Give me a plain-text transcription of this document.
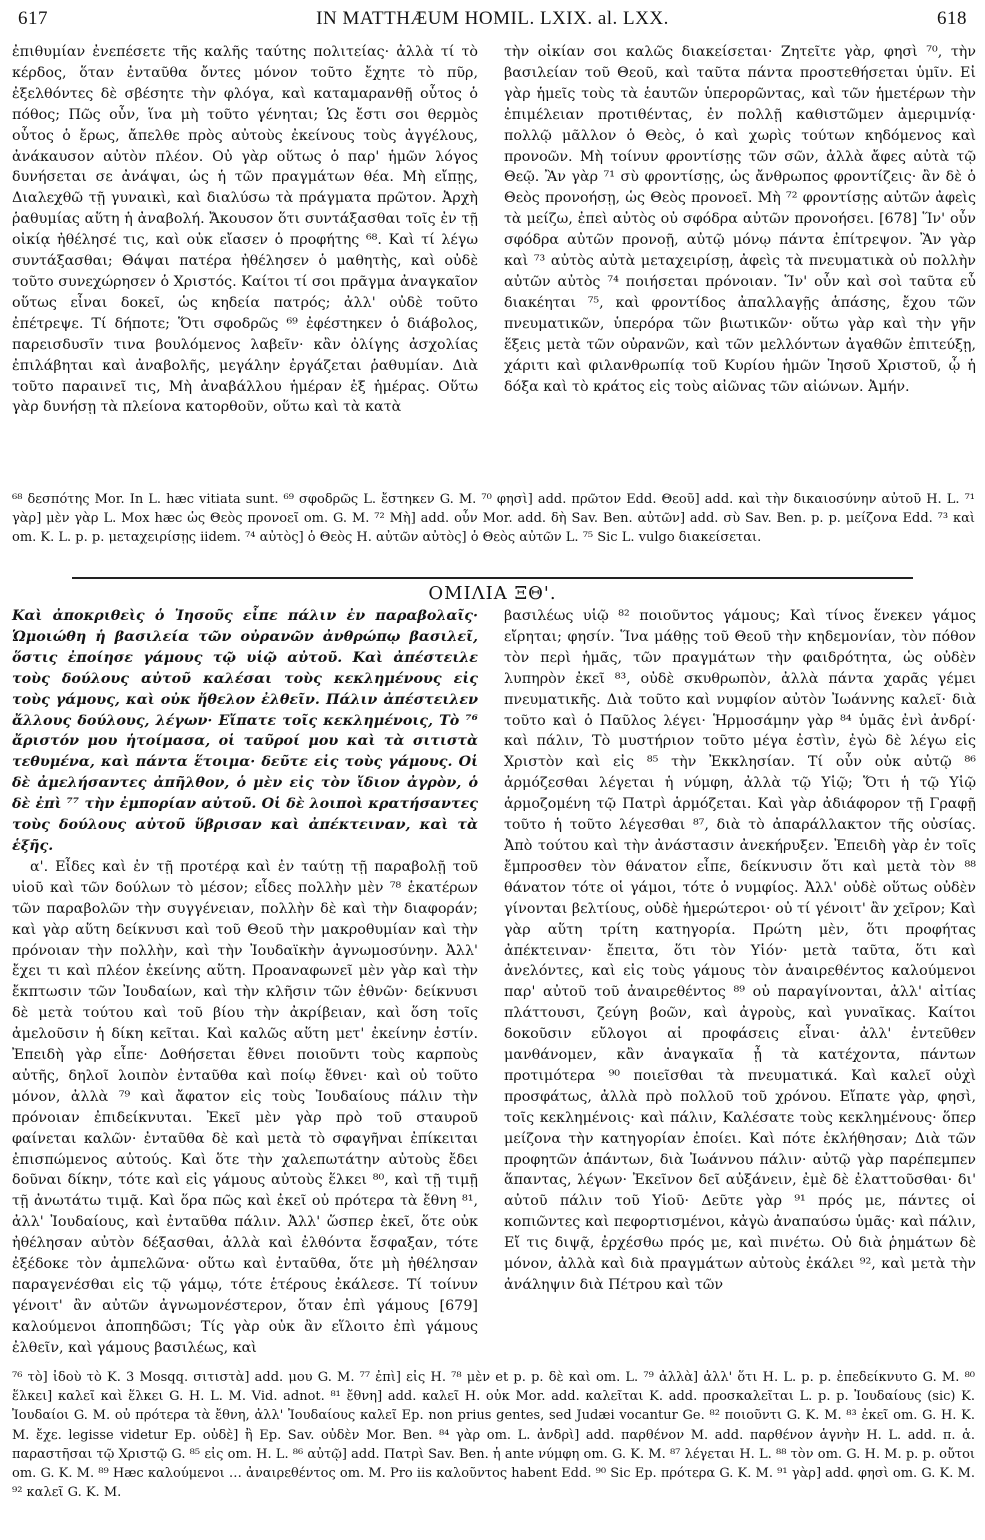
617	IN MATTHÆUM HOMIL. LXIX. al. LXX.	618

ἐπιθυμίαν ἐνεπέσετε τῆς καλῆς ταύτης πολιτείας· ἀλλὰ τί τὸ κέρδος, ὅταν ἐνταῦθα ὄντες μόνον τοῦτο ἔχητε τὸ πῦρ, ἐξελθόντες δὲ σβέσητε τὴν φλόγα, καὶ καταμαρανθῇ οὗτος ὁ πόθος; Πῶς οὖν, ἵνα μὴ τοῦτο γένηται; Ὡς ἔστι σοι θερμὸς οὗτος ὁ ἔρως, ἄπελθε πρὸς αὐτοὺς ἐκείνους τοὺς ἀγγέλους, ἀνάκαυσον αὐτὸν πλέον. Οὐ γὰρ οὕτως ὁ παρ' ἡμῶν λόγος δυνήσεται σε ἀνάψαι, ὡς ἡ τῶν πραγμάτων θέα. Μὴ εἴπῃς, Διαλεχθῶ τῇ γυναικὶ, καὶ διαλύσω τὰ πράγματα πρῶτον. Ἀρχὴ ῥαθυμίας αὕτη ἡ ἀναβολή. Ἄκουσον ὅτι συντάξασθαι τοῖς ἐν τῇ οἰκίᾳ ἠθέλησέ τις, καὶ οὐκ εἴασεν ὁ προφήτης ⁶⁸. Καὶ τί λέγω συντάξασθαι; Θάψαι πατέρα ἠθέλησεν ὁ μαθητὴς, καὶ οὐδὲ τοῦτο συνεχώρησεν ὁ Χριστός. Καίτοι τί σοι πρᾶγμα ἀναγκαῖον οὕτως εἶναι δοκεῖ, ὡς κηδεία πατρός; ἀλλ' οὐδὲ τοῦτο ἐπέτρεψε. Τί δήποτε; Ὅτι σφοδρῶς ⁶⁹ ἐφέστηκεν ὁ διάβολος, παρεισδυσῖν τινα βουλόμενος λαβεῖν· κἂν ὀλίγης ἀσχολίας ἐπιλάβηται καὶ ἀναβολῆς, μεγάλην ἐργάζεται ῥαθυμίαν. Διὰ τοῦτο παραινεῖ τις, Μὴ ἀναβάλλου ἡμέραν ἐξ ἡμέρας. Οὕτω γὰρ δυνήσῃ τὰ πλείονα κατορθοῦν, οὕτω καὶ τὰ κατὰ

τὴν οἰκίαν σοι καλῶς διακείσεται· Ζητεῖτε γὰρ, φησὶ ⁷⁰, τὴν βασιλείαν τοῦ Θεοῦ, καὶ ταῦτα πάντα προστεθήσεται ὑμῖν. Εἰ γὰρ ἡμεῖς τοὺς τὰ ἑαυτῶν ὑπερορῶντας, καὶ τῶν ἡμετέρων τὴν ἐπιμέλειαν προτιθέντας, ἐν πολλῇ καθιστῶμεν ἀμεριμνίᾳ· πολλῷ μᾶλλον ὁ Θεὸς, ὁ καὶ χωρὶς τούτων κηδόμενος καὶ προνοῶν. Μὴ τοίνυν φροντίσῃς τῶν σῶν, ἀλλὰ ἄφες αὐτὰ τῷ Θεῷ. Ἂν γὰρ ⁷¹ σὺ φροντίσῃς, ὡς ἄνθρωπος φροντίζεις· ἂν δὲ ὁ Θεὸς προνοήσῃ, ὡς Θεὸς προνοεῖ. Μὴ ⁷² φροντίσῃς αὐτῶν ἀφεὶς τὰ μείζω, ἐπεὶ αὐτὸς οὐ σφόδρα αὐτῶν προνοήσει. [678] Ἵν' οὖν σφόδρα αὐτῶν προνοῇ, αὐτῷ μόνῳ πάντα ἐπίτρεψον. Ἂν γὰρ καὶ ⁷³ αὐτὸς αὐτὰ μεταχειρίσῃ, ἀφεὶς τὰ πνευματικὰ οὐ πολλὴν αὐτῶν αὐτὸς ⁷⁴ ποιήσεται πρόνοιαν. Ἵν' οὖν καὶ σοὶ ταῦτα εὖ διακέηται ⁷⁵, καὶ φροντίδος ἀπαλλαγῇς ἁπάσης, ἔχου τῶν πνευματικῶν, ὑπερόρα τῶν βιωτικῶν· οὕτω γὰρ καὶ τὴν γῆν ἕξεις μετὰ τῶν οὐρανῶν, καὶ τῶν μελλόντων ἀγαθῶν ἐπιτεύξῃ, χάριτι καὶ φιλανθρωπίᾳ τοῦ Κυρίου ἡμῶν Ἰησοῦ Χριστοῦ, ᾧ ἡ δόξα καὶ τὸ κράτος εἰς τοὺς αἰῶνας τῶν αἰώνων. Ἀμήν.

⁶⁸ δεσπότης Mor. In L. hæc vitiata sunt. ⁶⁹ σφοδρῶς L. ἔστηκεν G. M. ⁷⁰ φησὶ] add. πρῶτον Edd. Θεοῦ] add. καὶ τὴν δικαιοσύνην αὐτοῦ H. L. ⁷¹ γὰρ] μὲν γὰρ L. Mox hæc ὡς Θεὸς προνοεῖ om. G. M. ⁷² Μὴ] add. οὖν Mor. add. δὴ Sav. Ben. αὐτῶν] add. σὺ Sav. Ben. p. p. μείζονα Edd. ⁷³ καὶ om. K. L. p. p. μεταχειρίσῃς iidem. ⁷⁴ αὐτὸς] ὁ Θεὸς H. αὐτῶν αὐτὸς] ὁ Θεὸς αὐτῶν L. ⁷⁵ Sic L. vulgo διακείσεται.

ΟΜΙΛΙΑ ΞΘ'.

Καὶ ἀποκριθεὶς ὁ Ἰησοῦς εἶπε πάλιν ἐν παραβολαῖς· Ὡμοιώθη ἡ βασιλεία τῶν οὐρανῶν ἀνθρώπῳ βασιλεῖ, ὅστις ἐποίησε γάμους τῷ υἱῷ αὐτοῦ. Καὶ ἀπέστειλε τοὺς δούλους αὐτοῦ καλέσαι τοὺς κεκλημένους εἰς τοὺς γάμους, καὶ οὐκ ἤθελον ἐλθεῖν. Πάλιν ἀπέστειλεν ἄλλους δούλους, λέγων· Εἴπατε τοῖς κεκλημένοις, Τὸ ⁷⁶ ἄριστόν μου ἡτοίμασα, οἱ ταῦροί μου καὶ τὰ σιτιστὰ τεθυμένα, καὶ πάντα ἕτοιμα· δεῦτε εἰς τοὺς γάμους. Οἱ δὲ ἀμελήσαντες ἀπῆλθον, ὁ μὲν εἰς τὸν ἴδιον ἀγρὸν, ὁ δὲ ἐπὶ ⁷⁷ τὴν ἐμπορίαν αὐτοῦ. Οἱ δὲ λοιποὶ κρατήσαντες τοὺς δούλους αὐτοῦ ὕβρισαν καὶ ἀπέκτειναν, καὶ τὰ ἑξῆς.

α'. Εἶδες καὶ ἐν τῇ προτέρᾳ καὶ ἐν ταύτῃ τῇ παραβολῇ τοῦ υἱοῦ καὶ τῶν δούλων τὸ μέσον; εἶδες πολλὴν μὲν ⁷⁸ ἑκατέρων τῶν παραβολῶν τὴν συγγένειαν, πολλὴν δὲ καὶ τὴν διαφοράν; καὶ γὰρ αὕτη δείκνυσι καὶ τοῦ Θεοῦ τὴν μακροθυμίαν καὶ τὴν πρόνοιαν τὴν πολλὴν, καὶ τὴν Ἰουδαϊκὴν ἀγνωμοσύνην. Ἀλλ' ἔχει τι καὶ πλέον ἐκείνης αὕτη. Προαναφωνεῖ μὲν γὰρ καὶ τὴν ἔκπτωσιν τῶν Ἰουδαίων, καὶ τὴν κλῆσιν τῶν ἐθνῶν· δείκνυσι δὲ μετὰ τούτου καὶ τοῦ βίου τὴν ἀκρίβειαν, καὶ ὅση τοῖς ἀμελοῦσιν ἡ δίκη κεῖται. Καὶ καλῶς αὕτη μετ' ἐκείνην ἐστίν. Ἐπειδὴ γὰρ εἶπε· Δοθήσεται ἔθνει ποιοῦντι τοὺς καρποὺς αὐτῆς, δηλοῖ λοιπὸν ἐνταῦθα καὶ ποίῳ ἔθνει· καὶ οὐ τοῦτο μόνον, ἀλλὰ ⁷⁹ καὶ ἄφατον εἰς τοὺς Ἰουδαίους πάλιν τὴν πρόνοιαν ἐπιδείκνυται. Ἐκεῖ μὲν γὰρ πρὸ τοῦ σταυροῦ φαίνεται καλῶν· ἐνταῦθα δὲ καὶ μετὰ τὸ σφαγῆναι ἐπίκειται ἐπισπώμενος αὐτούς. Καὶ ὅτε τὴν χαλεπωτάτην αὐτοὺς ἔδει δοῦναι δίκην, τότε καὶ εἰς γάμους αὐτοὺς ἕλκει ⁸⁰, καὶ τῇ τιμῇ τῇ ἀνωτάτω τιμᾷ. Καὶ ὅρα πῶς καὶ ἐκεῖ οὐ πρότερα τὰ ἔθνη ⁸¹, ἀλλ' Ἰουδαίους, καὶ ἐνταῦθα πάλιν. Ἀλλ' ὥσπερ ἐκεῖ, ὅτε οὐκ ἠθέλησαν αὐτὸν δέξασθαι, ἀλλὰ καὶ ἐλθόντα ἔσφαξαν, τότε ἐξέδοκε τὸν ἀμπελῶνα· οὕτω καὶ ἐνταῦθα, ὅτε μὴ ἠθέλησαν παραγενέσθαι εἰς τῷ γάμῳ, τότε ἑτέρους ἐκάλεσε. Τί τοίνυν γένοιτ' ἂν αὐτῶν ἀγνωμονέστερον, ὅταν ἐπὶ γάμους [679] καλούμενοι ἀποπηδῶσι; Τίς γὰρ οὐκ ἂν εἵλοιτο ἐπὶ γάμους ἐλθεῖν, καὶ γάμους βασιλέως, καὶ

βασιλέως υἱῷ ⁸² ποιοῦντος γάμους; Καὶ τίνος ἕνεκεν γάμος εἴρηται; φησίν. Ἵνα μάθῃς τοῦ Θεοῦ τὴν κηδεμονίαν, τὸν πόθον τὸν περὶ ἡμᾶς, τῶν πραγμάτων τὴν φαιδρότητα, ὡς οὐδὲν λυπηρὸν ἐκεῖ ⁸³, οὐδὲ σκυθρωπὸν, ἀλλὰ πάντα χαρᾶς γέμει πνευματικῆς. Διὰ τοῦτο καὶ νυμφίον αὐτὸν Ἰωάννης καλεῖ· διὰ τοῦτο καὶ ὁ Παῦλος λέγει· Ἡρμοσάμην γὰρ ⁸⁴ ὑμᾶς ἐνὶ ἀνδρί· καὶ πάλιν, Τὸ μυστήριον τοῦτο μέγα ἐστὶν, ἐγὼ δὲ λέγω εἰς Χριστὸν καὶ εἰς ⁸⁵ τὴν Ἐκκλησίαν. Τί οὖν οὐκ αὐτῷ ⁸⁶ ἁρμόζεσθαι λέγεται ἡ νύμφη, ἀλλὰ τῷ Υἱῷ; Ὅτι ἡ τῷ Υἱῷ ἁρμοζομένη τῷ Πατρὶ ἁρμόζεται. Καὶ γὰρ ἀδιάφορον τῇ Γραφῇ τοῦτο ἡ τοῦτο λέγεσθαι ⁸⁷, διὰ τὸ ἀπαράλλακτον τῆς οὐσίας. Ἀπὸ τούτου καὶ τὴν ἀνάστασιν ἀνεκήρυξεν. Ἐπειδὴ γὰρ ἐν τοῖς ἔμπροσθεν τὸν θάνατον εἶπε, δείκνυσιν ὅτι καὶ μετὰ τὸν ⁸⁸ θάνατον τότε οἱ γάμοι, τότε ὁ νυμφίος. Ἀλλ' οὐδὲ οὕτως οὐδὲν γίνονται βελτίους, οὐδὲ ἡμερώτεροι· οὐ τί γένοιτ' ἂν χεῖρον; Καὶ γὰρ αὕτη τρίτη κατηγορία. Πρώτη μὲν, ὅτι προφήτας ἀπέκτειναν· ἔπειτα, ὅτι τὸν Υἱόν· μετὰ ταῦτα, ὅτι καὶ ἀνελόντες, καὶ εἰς τοὺς γάμους τὸν ἀναιρεθέντος καλούμενοι παρ' αὐτοῦ τοῦ ἀναιρεθέντος ⁸⁹ οὐ παραγίνονται, ἀλλ' αἰτίας πλάττουσι, ζεύγη βοῶν, καὶ ἀγροὺς, καὶ γυναῖκας. Καίτοι δοκοῦσιν εὔλογοι αἱ προφάσεις εἶναι· ἀλλ' ἐντεῦθεν μανθάνομεν, κἂν ἀναγκαῖα ᾖ τὰ κατέχοντα, πάντων προτιμότερα ⁹⁰ ποιεῖσθαι τὰ πνευματικά. Καὶ καλεῖ οὐχὶ προσφάτως, ἀλλὰ πρὸ πολλοῦ τοῦ χρόνου. Εἴπατε γὰρ, φησὶ, τοῖς κεκλημένοις· καὶ πάλιν, Καλέσατε τοὺς κεκλημένους· ὅπερ μείζονα τὴν κατηγορίαν ἐποίει. Καὶ πότε ἐκλήθησαν; Διὰ τῶν προφητῶν ἁπάντων, διὰ Ἰωάννου πάλιν· αὐτῷ γὰρ παρέπεμπεν ἅπαντας, λέγων· Ἐκεῖνον δεῖ αὐξάνειν, ἐμὲ δὲ ἐλαττοῦσθαι· δι' αὐτοῦ πάλιν τοῦ Υἱοῦ· Δεῦτε γὰρ ⁹¹ πρός με, πάντες οἱ κοπιῶντες καὶ πεφορτισμένοι, κἀγὼ ἀναπαύσω ὑμᾶς· καὶ πάλιν, Εἴ τις διψᾷ, ἐρχέσθω πρός με, καὶ πινέτω. Οὐ διὰ ῥημάτων δὲ μόνον, ἀλλὰ καὶ διὰ πραγμάτων αὐτοὺς ἐκάλει ⁹², καὶ μετὰ τὴν ἀνάληψιν διὰ Πέτρου καὶ τῶν

⁷⁶ τὸ] ἰδοὺ τὸ K. 3 Mosqq. σιτιστὰ] add. μου G. M. ⁷⁷ ἐπὶ] εἰς H. ⁷⁸ μὲν et p. p. δὲ καὶ om. L. ⁷⁹ ἀλλὰ] ἀλλ' ὅτι H. L. p. p. ἐπεδείκνυτο G. M. ⁸⁰ ἕλκει] καλεῖ καὶ ἕλκει G. H. L. M. Vid. adnot. ⁸¹ ἔθνη] add. καλεῖ H. οὐκ Mor. add. καλεῖται K. add. προσκαλεῖται L. p. p. Ἰουδαίους (sic) K. Ἰουδαίοι G. M. οὐ πρότερα τὰ ἔθνη, ἀλλ' Ἰουδαίους καλεῖ Ep. non prius gentes, sed Judæi vocantur Ge. ⁸² ποιοῦντι G. K. M. ⁸³ ἐκεῖ om. G. H. K. M. ἔχε. legisse videtur Ep. οὐδὲ] ἢ Ep. Sav. οὐδὲν Mor. Ben. ⁸⁴ γὰρ om. L. ἀνδρὶ] add. παρθένον M. add. παρθένον ἁγνὴν H. L. add. π. ἁ. παραστῆσαι τῷ Χριστῷ G. ⁸⁵ εἰς om. H. L. ⁸⁶ αὐτῷ] add. Πατρὶ Sav. Ben. ἡ ante νύμφη om. G. K. M. ⁸⁷ λέγεται H. L. ⁸⁸ τὸν om. G. H. M. p. p. οὔτοι om. G. K. M. ⁸⁹ Hæc καλούμενοι … ἀναιρεθέντος om. M. Pro iis καλοῦντος habent Edd. ⁹⁰ Sic Ep. πρότερα G. K. M. ⁹¹ γὰρ] add. φησὶ om. G. K. M. ⁹² καλεῖ G. K. M.
